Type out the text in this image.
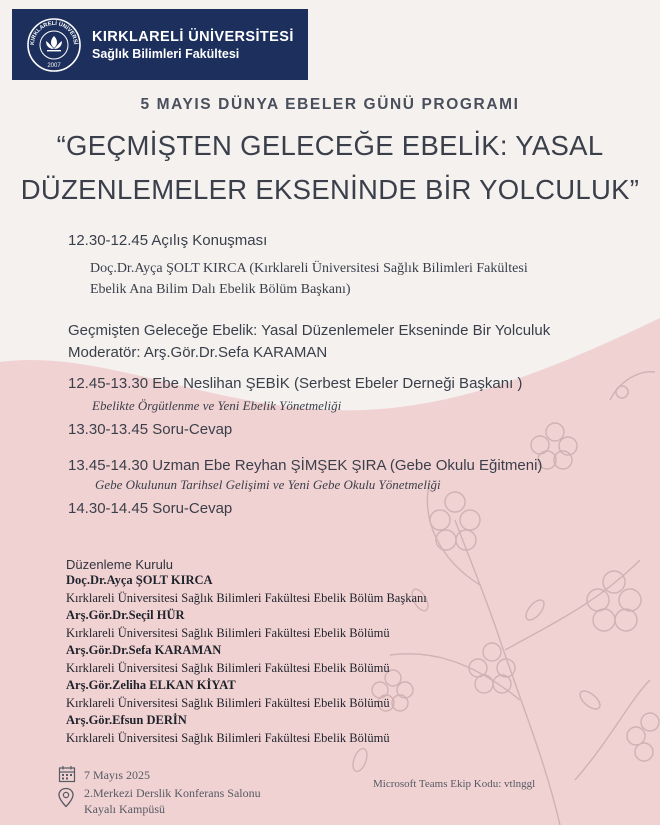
KIRKLARELİ ÜNİVERSİ
2007
KIRKLARELİ ÜNİVERSİTESİ
Sağlık Bilimleri Fakültesi
5 MAYIS DÜNYA EBELER GÜNÜ PROGRAMI
“GEÇMİŞTEN GELECEĞE EBELİK: YASAL
DÜZENLEMELER EKSENİNDE BİR YOLCULUK”
12.30-12.45 Açılış Konuşması
Doç.Dr.Ayça ŞOLT KIRCA (Kırklareli Üniversitesi Sağlık Bilimleri Fakültesi
Ebelik Ana Bilim Dalı Ebelik Bölüm Başkanı)
Geçmişten Geleceğe Ebelik: Yasal Düzenlemeler Ekseninde Bir Yolculuk
Moderatör: Arş.Gör.Dr.Sefa KARAMAN
12.45-13.30 Ebe Neslihan ŞEBİK (Serbest Ebeler Derneği Başkanı )
Ebelikte Örgütlenme ve Yeni Ebelik Yönetmeliği
13.30-13.45 Soru-Cevap
13.45-14.30 Uzman Ebe Reyhan ŞİMŞEK ŞIRA (Gebe Okulu Eğitmeni)
Gebe Okulunun Tarihsel Gelişimi ve Yeni Gebe Okulu Yönetmeliği
14.30-14.45 Soru-Cevap
Düzenleme Kurulu
Doç.Dr.Ayça ŞOLT KIRCA
Kırklareli Üniversitesi Sağlık Bilimleri Fakültesi Ebelik Bölüm Başkanı
Arş.Gör.Dr.Seçil HÜR
Kırklareli Üniversitesi Sağlık Bilimleri Fakültesi Ebelik Bölümü
Arş.Gör.Dr.Sefa KARAMAN
Kırklareli Üniversitesi Sağlık Bilimleri Fakültesi Ebelik Bölümü
Arş.Gör.Zeliha ELKAN KİYAT
Kırklareli Üniversitesi Sağlık Bilimleri Fakültesi Ebelik Bölümü
Arş.Gör.Efsun DERİN
Kırklareli Üniversitesi Sağlık Bilimleri Fakültesi Ebelik Bölümü
7 Mayıs 2025
2.Merkezi Derslik Konferans Salonu
Kayalı Kampüsü
Microsoft Teams Ekip Kodu: vtlnggl
